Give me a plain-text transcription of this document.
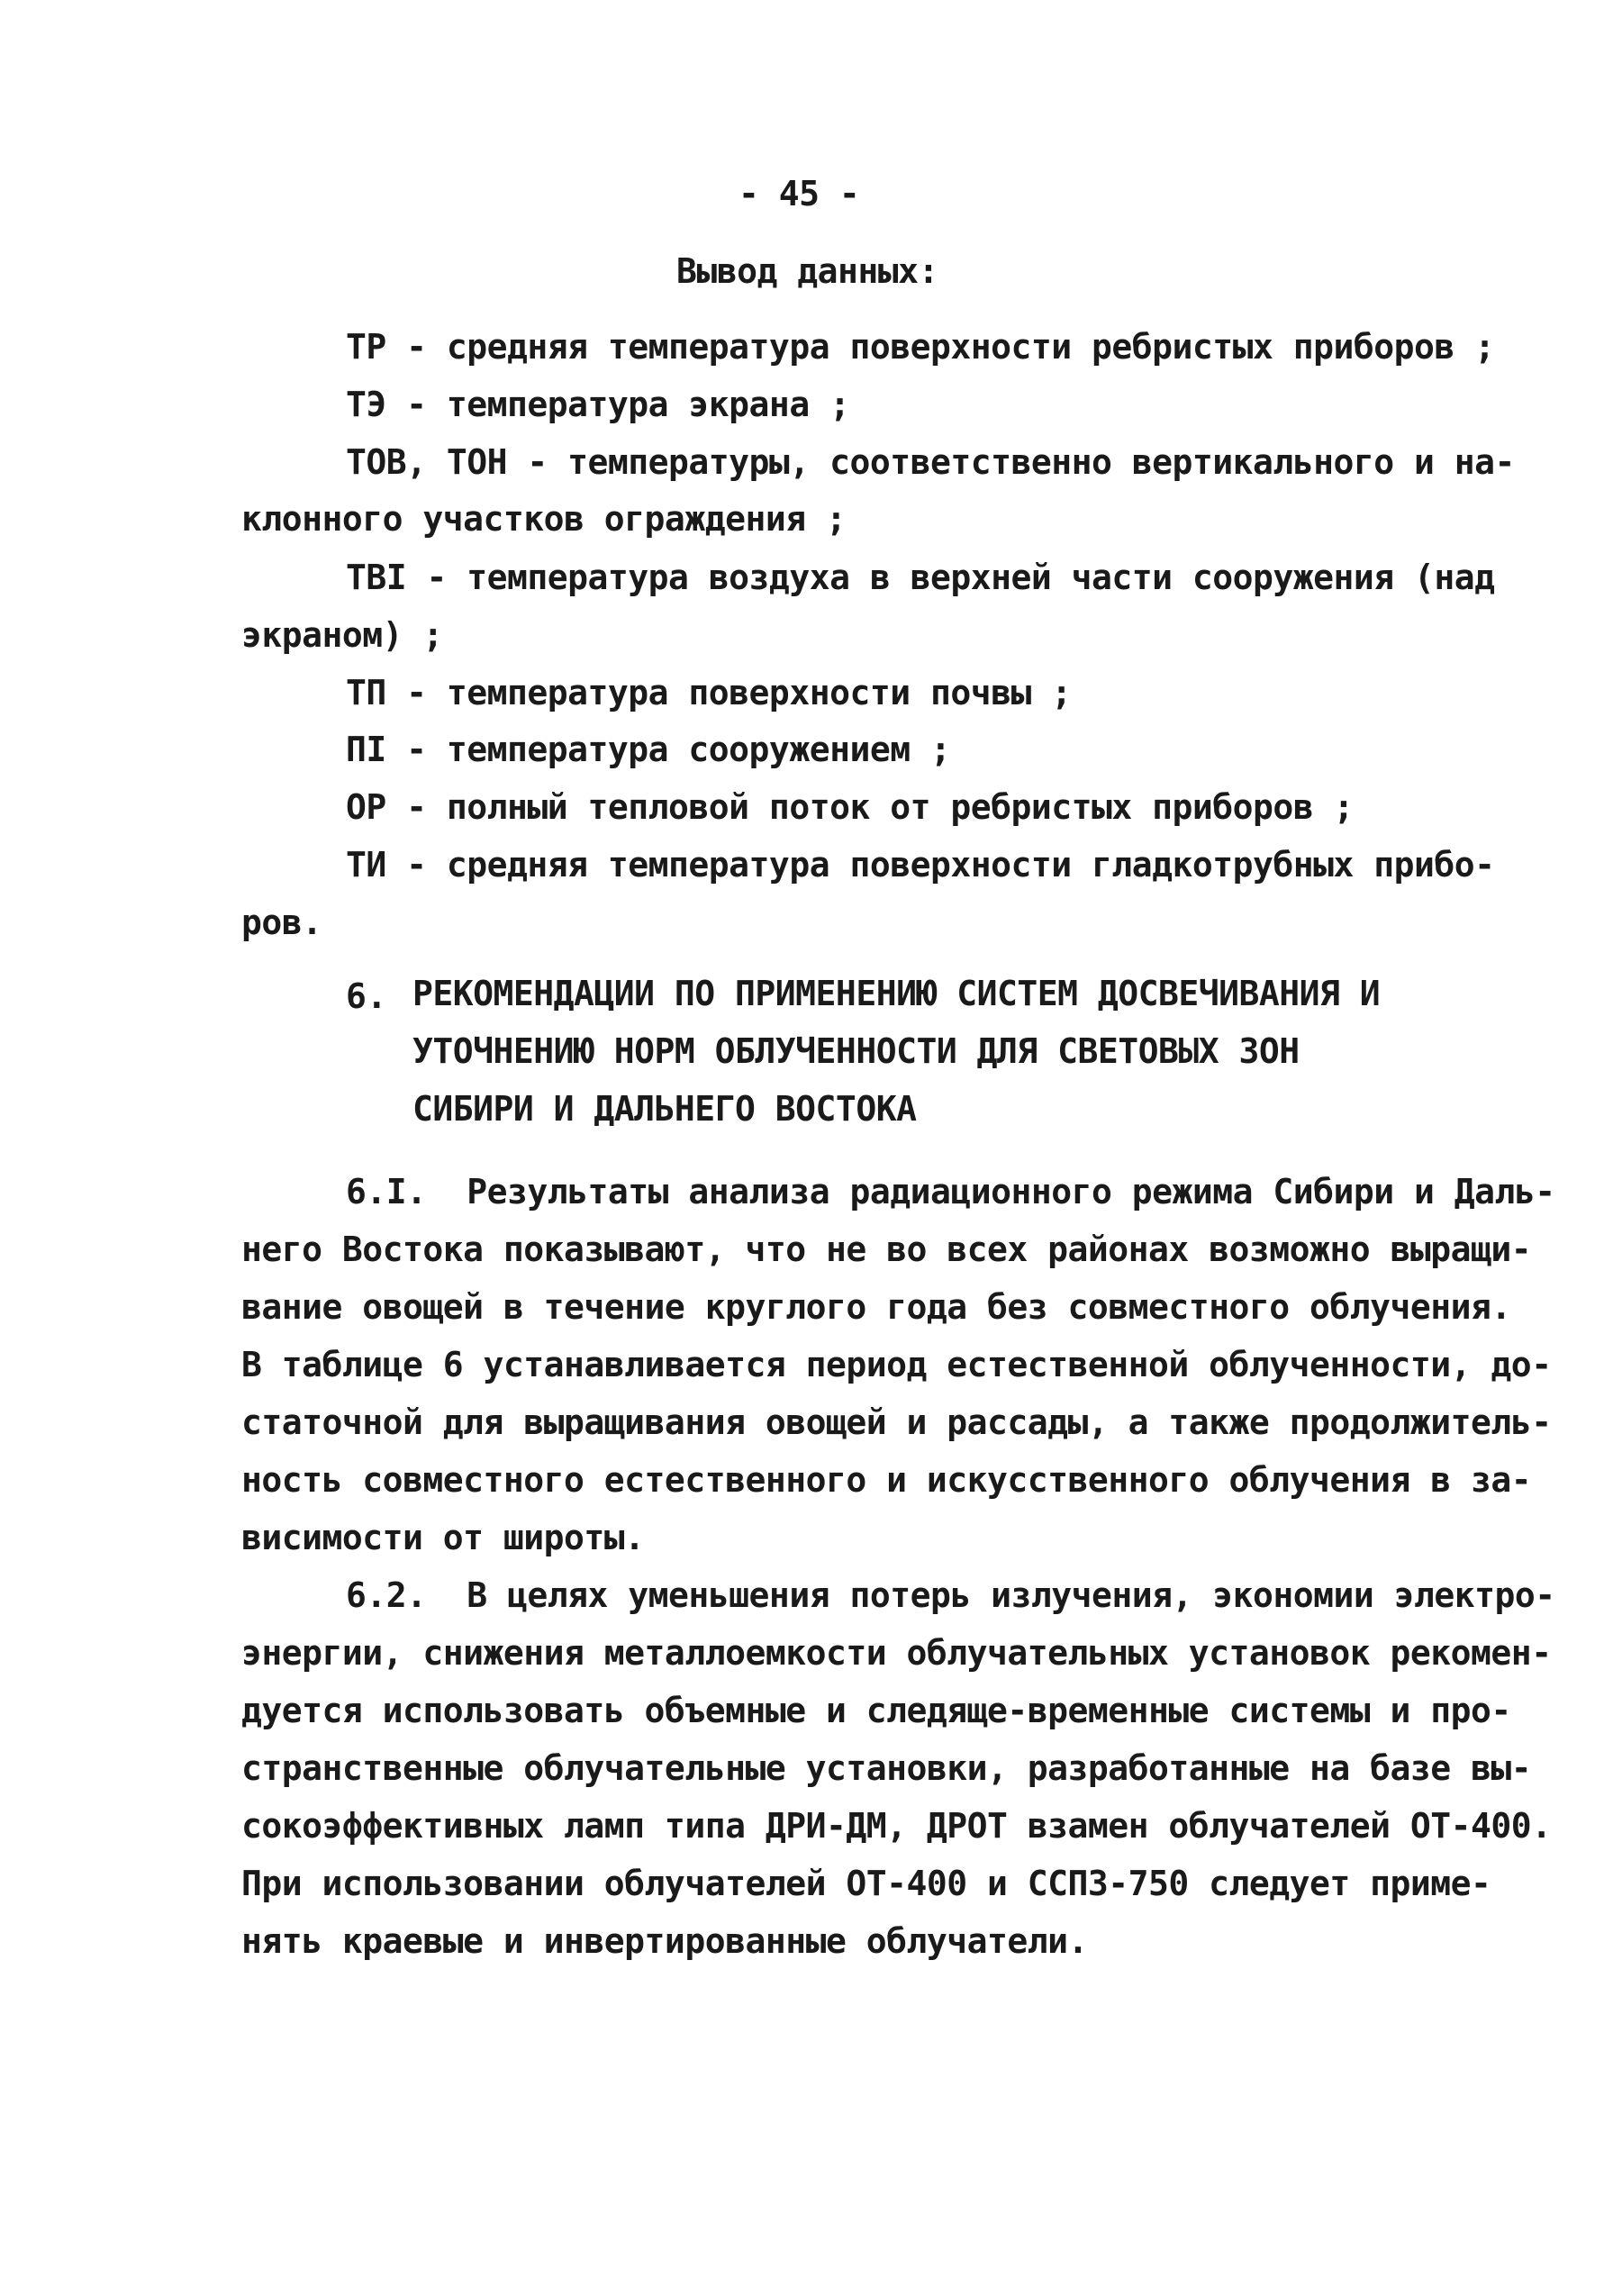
- 45 -
Вывод данных:
ТР - средняя температура поверхности ребристых приборов ;
ТЭ - температура экрана ;
ТОВ, ТОН - температуры, соответственно вертикального и на-
клонного участков ограждения ;
ТВI - температура воздуха в верхней части сооружения (над
экраном) ;
ТП - температура поверхности почвы ;
ПI - температура сооружением ;
ОР - полный тепловой поток от ребристых приборов ;
ТИ - средняя температура поверхности гладкотрубных прибо-
ров.
6. РЕКОМЕНДАЦИИ ПО ПРИМЕНЕНИЮ СИСТЕМ ДОСВЕЧИВАНИЯ И
УТОЧНЕНИЮ НОРМ ОБЛУЧЕННОСТИ ДЛЯ СВЕТОВЫХ ЗОН
СИБИРИ И ДАЛЬНЕГО ВОСТОКА
6.I.  Результаты анализа радиационного режима Сибири и Даль-
него Востока показывают, что не во всех районах возможно выращи-
вание овощей в течение круглого года без совместного облучения.
В таблице 6 устанавливается период естественной облученности, до-
статочной для выращивания овощей и рассады, а также продолжитель-
ность совместного естественного и искусственного облучения в за-
висимости от широты.
6.2.  В целях уменьшения потерь излучения, экономии электро-
энергии, снижения металлоемкости облучательных установок рекомен-
дуется использовать объемные и следяще-временные системы и про-
странственные облучательные установки, разработанные на базе вы-
сокоэффективных ламп типа ДРИ-ДМ, ДРОТ взамен облучателей ОТ-400.
При использовании облучателей ОТ-400 и ССПЗ-750 следует приме-
нять краевые и инвертированные облучатели.
